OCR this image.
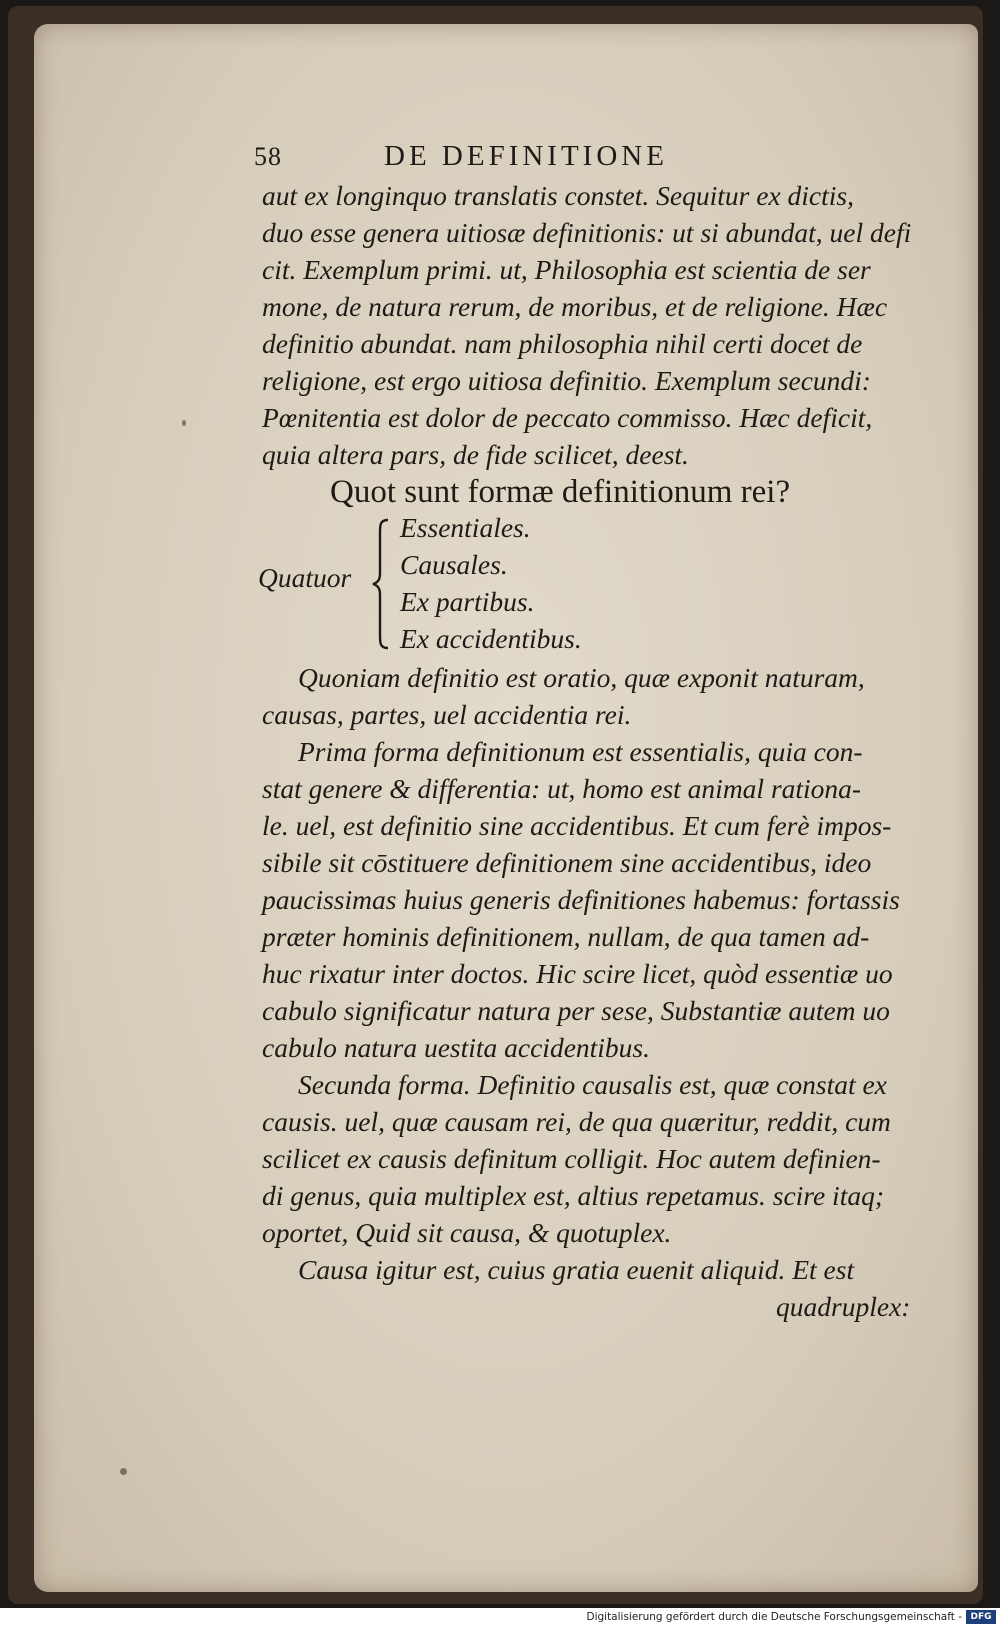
58	DE DEFINITIONE
aut ex longinquo translatis constet. Sequitur ex dictis,
duo esse genera uitiosæ definitionis: ut si abundat, uel defi
cit. Exemplum primi. ut, Philosophia est scientia de ser
mone, de natura rerum, de moribus, et de religione. Hæc
definitio abundat. nam philosophia nihil certi docet de
religione, est ergo uitiosa definitio. Exemplum secundi:
Pœnitentia est dolor de peccato commisso. Hæc deficit,
quia altera pars, de fide scilicet, deest.
Quot sunt formæ definitionum rei?
Quatuor
Essentiales.
Causales.
Ex partibus.
Ex accidentibus.
Quoniam definitio est oratio, quæ exponit naturam,
causas, partes, uel accidentia rei.
Prima forma definitionum est essentialis, quia con-
stat genere & differentia: ut, homo est animal rationa-
le. uel, est definitio sine accidentibus. Et cum ferè impos-
sibile sit cōstituere definitionem sine accidentibus, ideo
paucissimas huius generis definitiones habemus: fortassis
præter hominis definitionem, nullam, de qua tamen ad-
huc rixatur inter doctos. Hic scire licet, quòd essentiæ uo
cabulo significatur natura per sese, Substantiæ autem uo
cabulo natura uestita accidentibus.
Secunda forma. Definitio causalis est, quæ constat ex
causis. uel, quæ causam rei, de qua quæritur, reddit, cum
scilicet ex causis definitum colligit. Hoc autem definien-
di genus, quia multiplex est, altius repetamus. scire itaq;
oportet, Quid sit causa, & quotuplex.
Causa igitur est, cuius gratia euenit aliquid. Et est
quadruplex:
Digitalisierung gefördert durch die Deutsche Forschungsgemeinschaft - DFG
